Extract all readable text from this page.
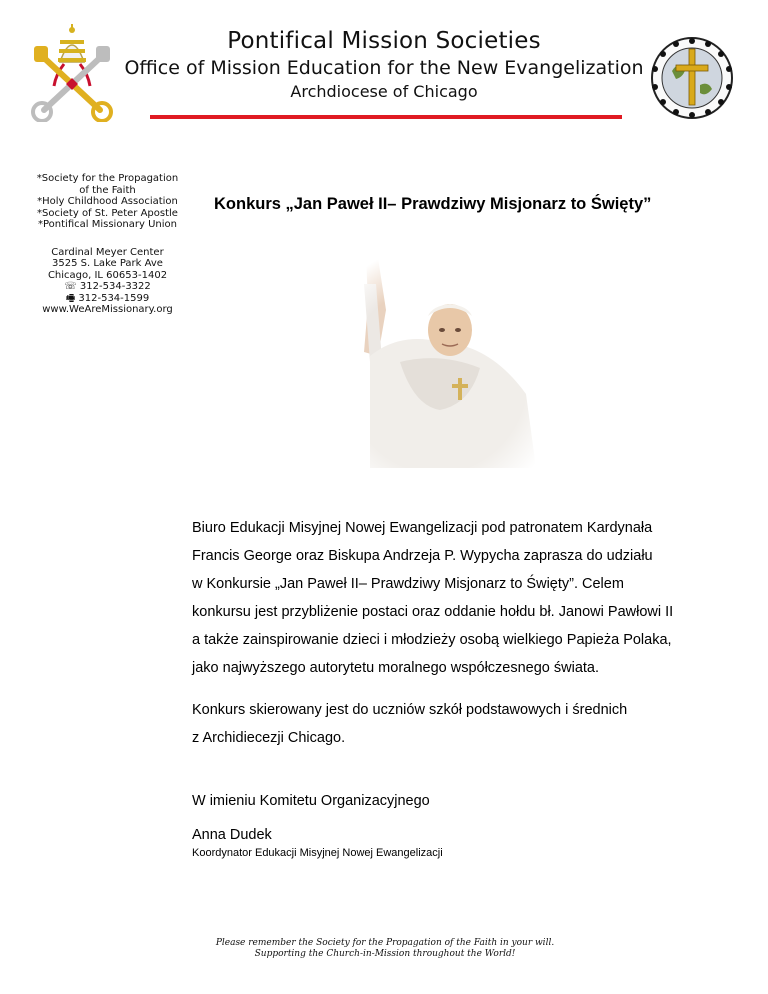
Pontifical Mission Societies
Office of Mission Education for the New Evangelization
Archdiocese of Chicago
*Society for the Propagation
of the Faith
*Holy Childhood Association
*Society of St. Peter Apostle
*Pontifical Missionary Union
Cardinal Meyer Center
3525 S. Lake Park Ave
Chicago, IL 60653-1402
☏ 312-534-3322
🖷 312-534-1599
www.WeAreMissionary.org
Konkurs „Jan Paweł II– Prawdziwy Misjonarz to Święty”

Biuro Edukacji Misyjnej Nowej Ewangelizacji pod patronatem Kardynała

Francis George oraz Biskupa Andrzeja P. Wypycha zaprasza do udziału

w Konkursie „Jan Paweł II– Prawdziwy Misjonarz to Święty”. Celem

konkursu jest przybliżenie postaci oraz oddanie hołdu bł. Janowi Pawłowi II

a także zainspirowanie dzieci i młodzieży osobą wielkiego Papieża Polaka,

jako najwyższego autorytetu moralnego współczesnego świata.

Konkurs skierowany jest do uczniów szkół podstawowych i średnich

z Archidiecezji Chicago.

W imieniu Komitetu Organizacyjnego
Anna Dudek
Koordynator Edukacji Misyjnej Nowej Ewangelizacji
Please remember the Society for the Propagation of the Faith in your will.
Supporting the Church-in-Mission throughout the World!
